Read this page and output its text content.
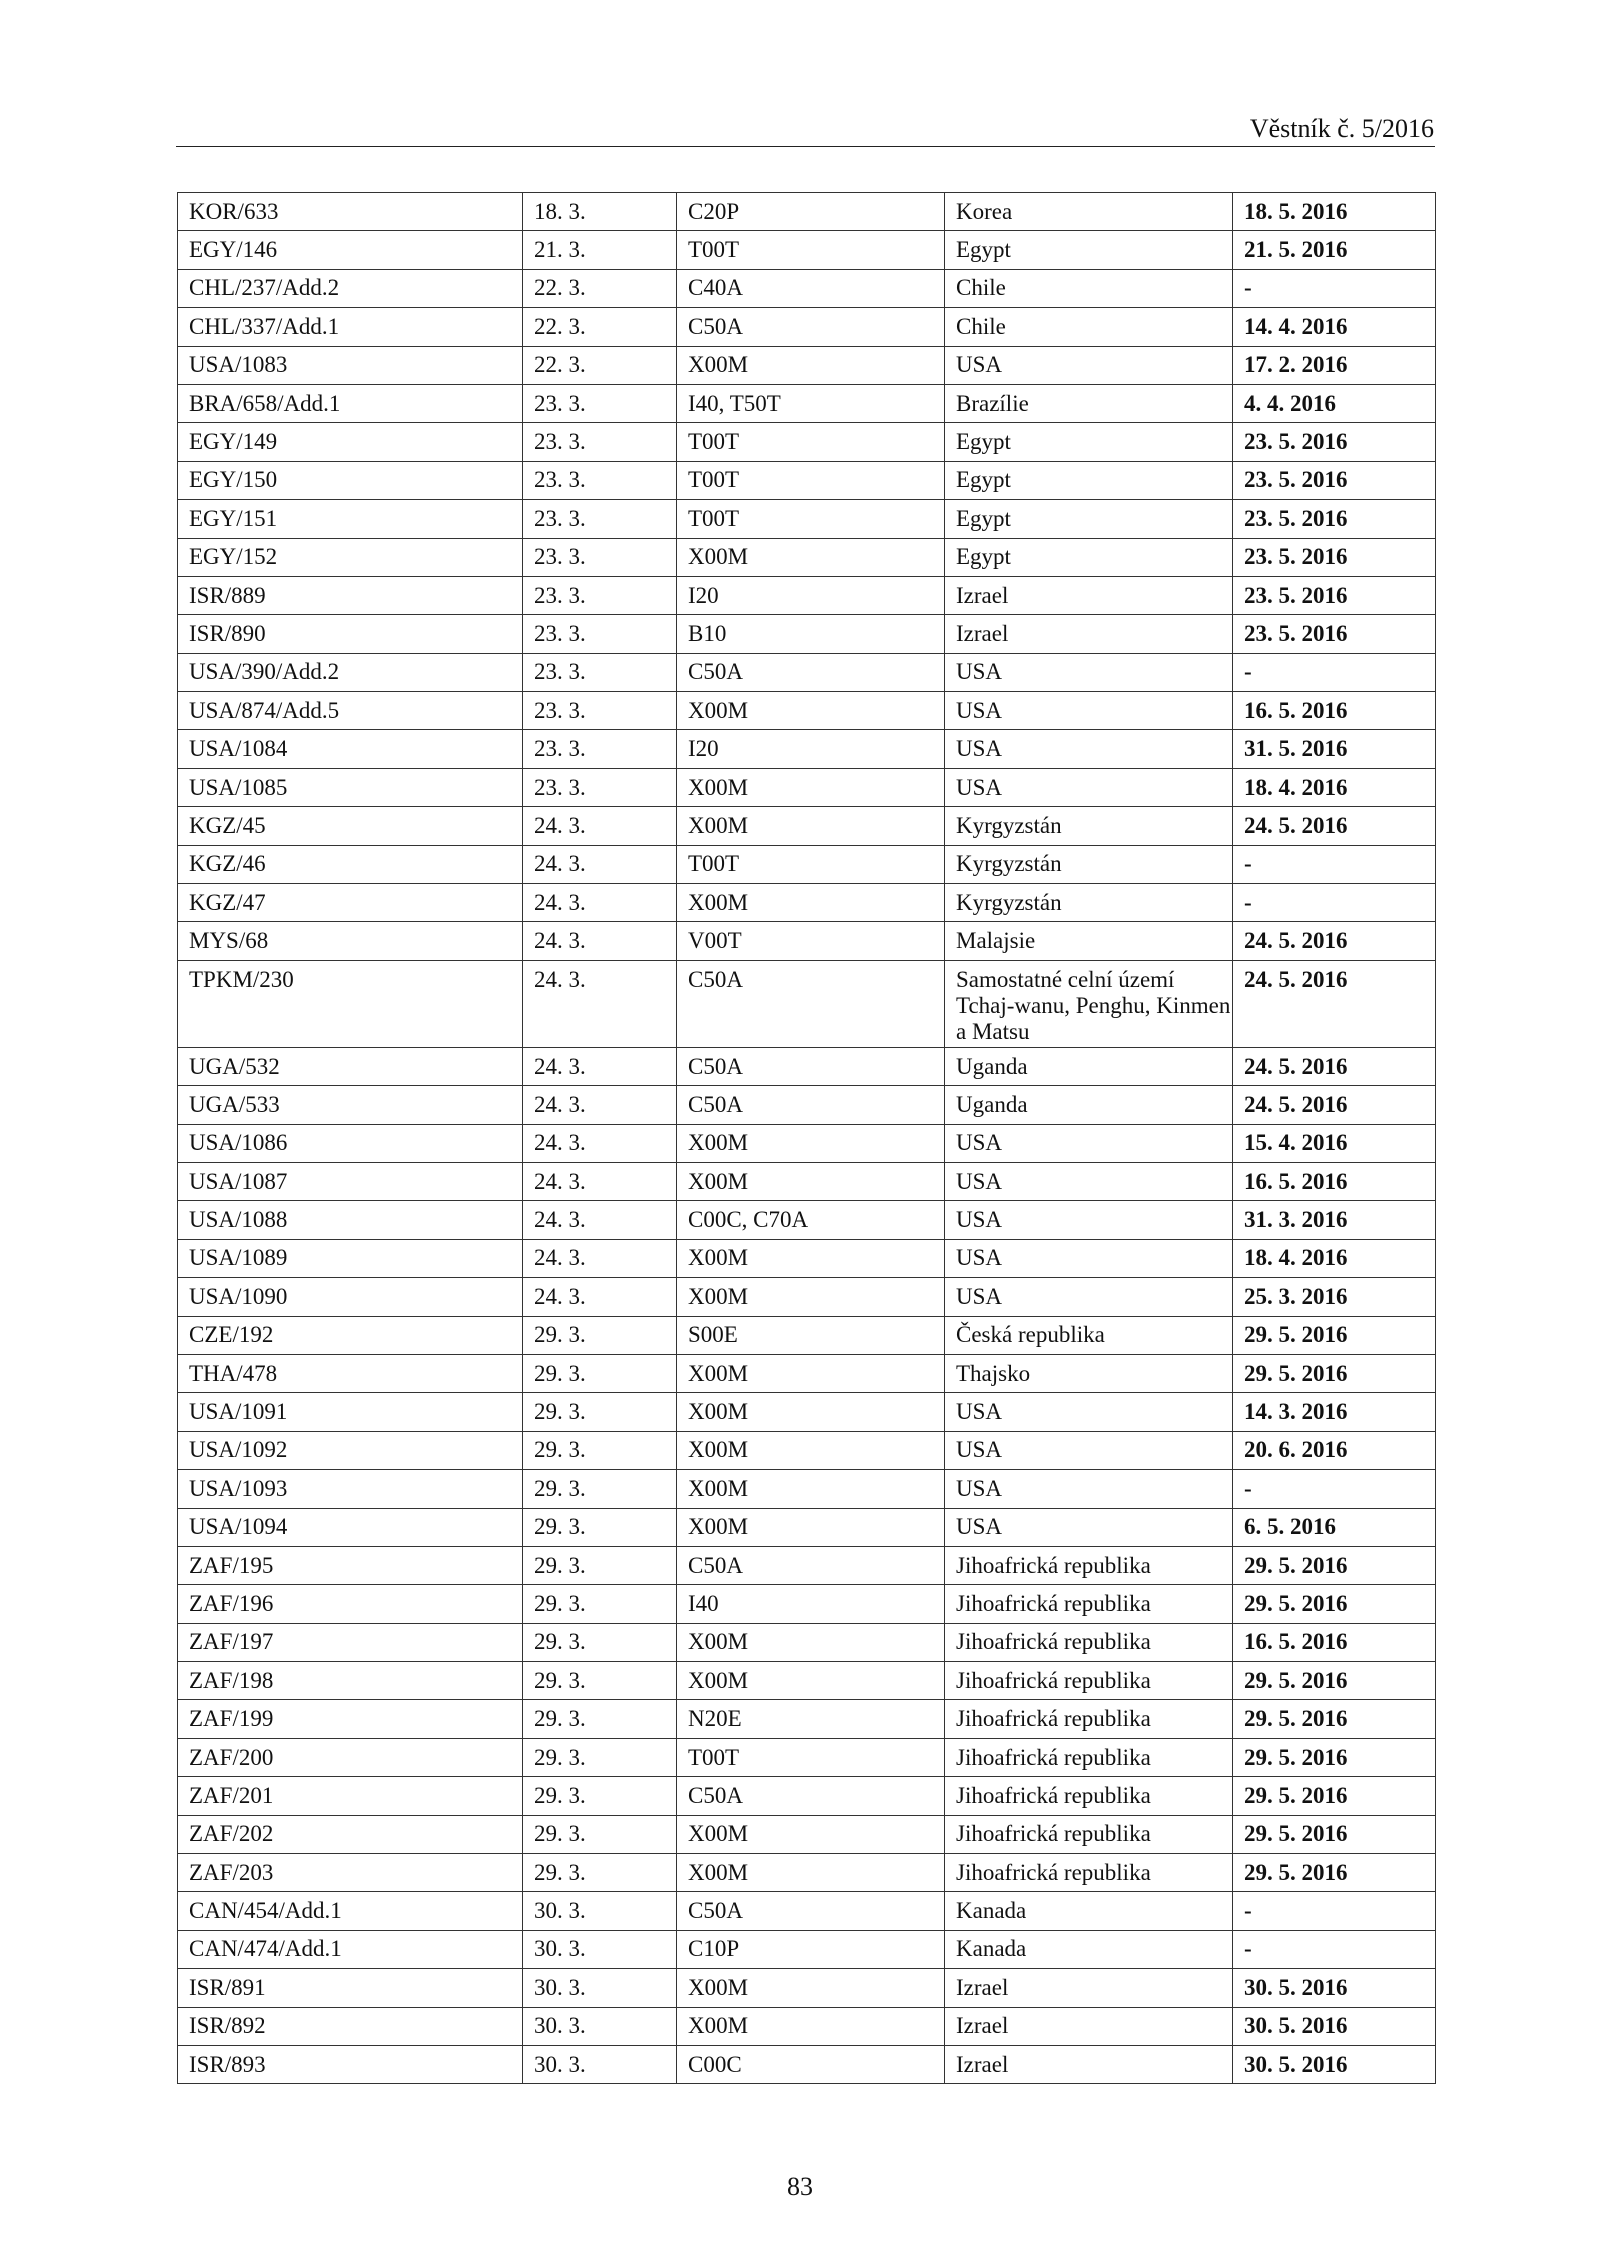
Věstník č. 5/2016
KOR/633	18. 3.	C20P	Korea	18. 5. 2016
EGY/146	21. 3.	T00T	Egypt	21. 5. 2016
CHL/237/Add.2	22. 3.	C40A	Chile	-
CHL/337/Add.1	22. 3.	C50A	Chile	14. 4. 2016
USA/1083	22. 3.	X00M	USA	17. 2. 2016
BRA/658/Add.1	23. 3.	I40, T50T	Brazílie	4. 4. 2016
EGY/149	23. 3.	T00T	Egypt	23. 5. 2016
EGY/150	23. 3.	T00T	Egypt	23. 5. 2016
EGY/151	23. 3.	T00T	Egypt	23. 5. 2016
EGY/152	23. 3.	X00M	Egypt	23. 5. 2016
ISR/889	23. 3.	I20	Izrael	23. 5. 2016
ISR/890	23. 3.	B10	Izrael	23. 5. 2016
USA/390/Add.2	23. 3.	C50A	USA	-
USA/874/Add.5	23. 3.	X00M	USA	16. 5. 2016
USA/1084	23. 3.	I20	USA	31. 5. 2016
USA/1085	23. 3.	X00M	USA	18. 4. 2016
KGZ/45	24. 3.	X00M	Kyrgyzstán	24. 5. 2016
KGZ/46	24. 3.	T00T	Kyrgyzstán	-
KGZ/47	24. 3.	X00M	Kyrgyzstán	-
MYS/68	24. 3.	V00T	Malajsie	24. 5. 2016
TPKM/230	24. 3.	C50A	Samostatné celní území Tchaj-wanu, Penghu, Kinmen a Matsu	24. 5. 2016
UGA/532	24. 3.	C50A	Uganda	24. 5. 2016
UGA/533	24. 3.	C50A	Uganda	24. 5. 2016
USA/1086	24. 3.	X00M	USA	15. 4. 2016
USA/1087	24. 3.	X00M	USA	16. 5. 2016
USA/1088	24. 3.	C00C, C70A	USA	31. 3. 2016
USA/1089	24. 3.	X00M	USA	18. 4. 2016
USA/1090	24. 3.	X00M	USA	25. 3. 2016
CZE/192	29. 3.	S00E	Česká republika	29. 5. 2016
THA/478	29. 3.	X00M	Thajsko	29. 5. 2016
USA/1091	29. 3.	X00M	USA	14. 3. 2016
USA/1092	29. 3.	X00M	USA	20. 6. 2016
USA/1093	29. 3.	X00M	USA	-
USA/1094	29. 3.	X00M	USA	6. 5. 2016
ZAF/195	29. 3.	C50A	Jihoafrická republika	29. 5. 2016
ZAF/196	29. 3.	I40	Jihoafrická republika	29. 5. 2016
ZAF/197	29. 3.	X00M	Jihoafrická republika	16. 5. 2016
ZAF/198	29. 3.	X00M	Jihoafrická republika	29. 5. 2016
ZAF/199	29. 3.	N20E	Jihoafrická republika	29. 5. 2016
ZAF/200	29. 3.	T00T	Jihoafrická republika	29. 5. 2016
ZAF/201	29. 3.	C50A	Jihoafrická republika	29. 5. 2016
ZAF/202	29. 3.	X00M	Jihoafrická republika	29. 5. 2016
ZAF/203	29. 3.	X00M	Jihoafrická republika	29. 5. 2016
CAN/454/Add.1	30. 3.	C50A	Kanada	-
CAN/474/Add.1	30. 3.	C10P	Kanada	-
ISR/891	30. 3.	X00M	Izrael	30. 5. 2016
ISR/892	30. 3.	X00M	Izrael	30. 5. 2016
ISR/893	30. 3.	C00C	Izrael	30. 5. 2016
83
